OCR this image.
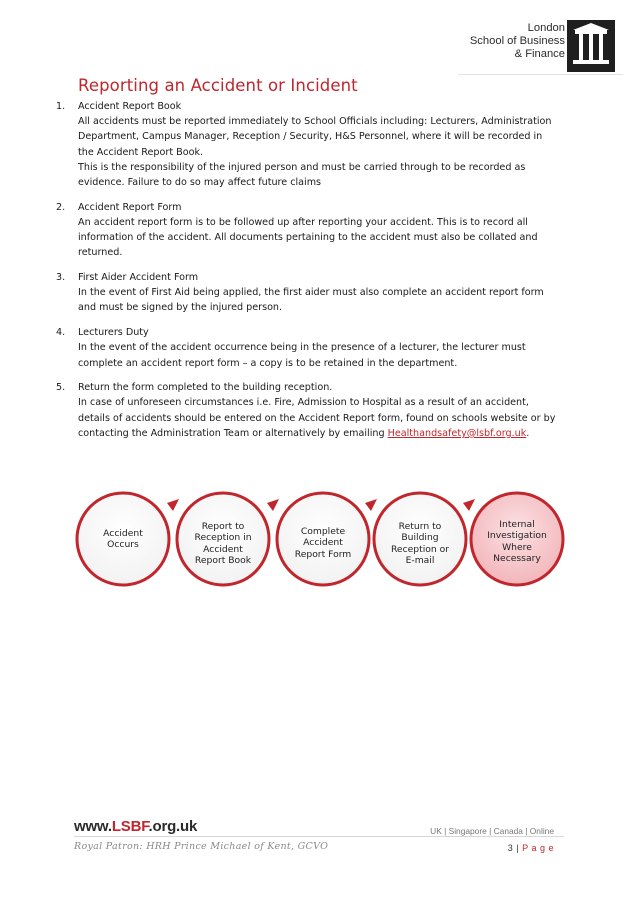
London
School of Business
& Finance
Reporting an Accident or Incident
1. Accident Report Book
All accidents must be reported immediately to School Officials including: Lecturers, Administration
Department, Campus Manager, Reception / Security, H&S Personnel, where it will be recorded in
the Accident Report Book.
This is the responsibility of the injured person and must be carried through to be recorded as
evidence. Failure to do so may affect future claims
2. Accident Report Form
An accident report form is to be followed up after reporting your accident. This is to record all
information of the accident. All documents pertaining to the accident must also be collated and
returned.
3. First Aider Accident Form
In the event of First Aid being applied, the first aider must also complete an accident report form
and must be signed by the injured person.
4. Lecturers Duty
In the event of the accident occurrence being in the presence of a lecturer, the lecturer must
complete an accident report form – a copy is to be retained in the department.
5. Return the form completed to the building reception.
In case of unforeseen circumstances i.e. Fire, Admission to Hospital as a result of an accident,
details of accidents should be entered on the Accident Report form, found on schools website or by
contacting the Administration Team or alternatively by emailing Healthandsafety@lsbf.org.uk.
Accident
Occurs
Report to
Reception in
Accident
Report Book
Complete
Accident
Report Form
Return to
Building
Reception or
E-mail
Internal
Investigation
Where
Necessary
www.LSBF.org.uk	UK | Singapore | Canada | Online
Royal Patron: HRH Prince Michael of Kent, GCVO	3 | P a g e
